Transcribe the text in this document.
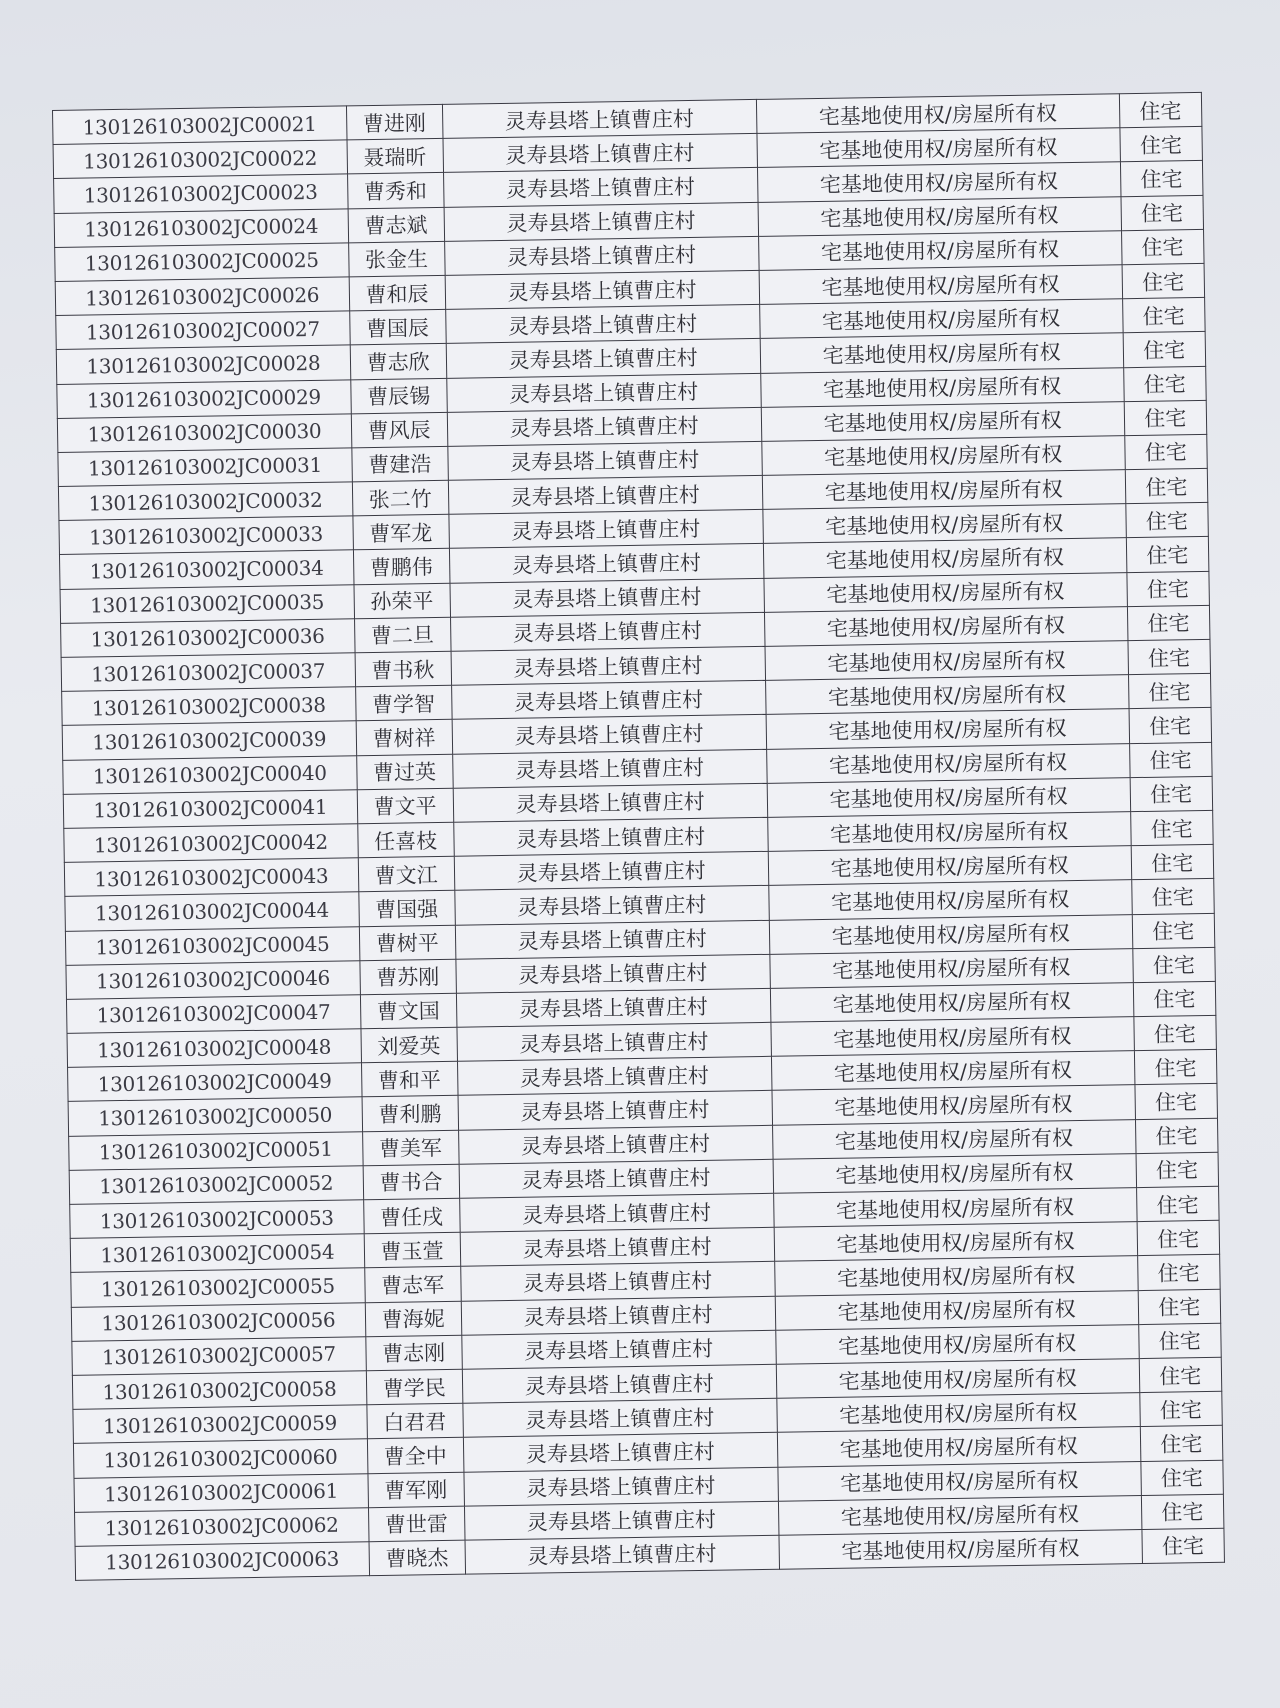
130126103002JC00021	曹进刚	灵寿县塔上镇曹庄村	宅基地使用权/房屋所有权	住宅
130126103002JC00022	聂瑞昕	灵寿县塔上镇曹庄村	宅基地使用权/房屋所有权	住宅
130126103002JC00023	曹秀和	灵寿县塔上镇曹庄村	宅基地使用权/房屋所有权	住宅
130126103002JC00024	曹志斌	灵寿县塔上镇曹庄村	宅基地使用权/房屋所有权	住宅
130126103002JC00025	张金生	灵寿县塔上镇曹庄村	宅基地使用权/房屋所有权	住宅
130126103002JC00026	曹和辰	灵寿县塔上镇曹庄村	宅基地使用权/房屋所有权	住宅
130126103002JC00027	曹国辰	灵寿县塔上镇曹庄村	宅基地使用权/房屋所有权	住宅
130126103002JC00028	曹志欣	灵寿县塔上镇曹庄村	宅基地使用权/房屋所有权	住宅
130126103002JC00029	曹辰锡	灵寿县塔上镇曹庄村	宅基地使用权/房屋所有权	住宅
130126103002JC00030	曹风辰	灵寿县塔上镇曹庄村	宅基地使用权/房屋所有权	住宅
130126103002JC00031	曹建浩	灵寿县塔上镇曹庄村	宅基地使用权/房屋所有权	住宅
130126103002JC00032	张二竹	灵寿县塔上镇曹庄村	宅基地使用权/房屋所有权	住宅
130126103002JC00033	曹军龙	灵寿县塔上镇曹庄村	宅基地使用权/房屋所有权	住宅
130126103002JC00034	曹鹏伟	灵寿县塔上镇曹庄村	宅基地使用权/房屋所有权	住宅
130126103002JC00035	孙荣平	灵寿县塔上镇曹庄村	宅基地使用权/房屋所有权	住宅
130126103002JC00036	曹二旦	灵寿县塔上镇曹庄村	宅基地使用权/房屋所有权	住宅
130126103002JC00037	曹书秋	灵寿县塔上镇曹庄村	宅基地使用权/房屋所有权	住宅
130126103002JC00038	曹学智	灵寿县塔上镇曹庄村	宅基地使用权/房屋所有权	住宅
130126103002JC00039	曹树祥	灵寿县塔上镇曹庄村	宅基地使用权/房屋所有权	住宅
130126103002JC00040	曹过英	灵寿县塔上镇曹庄村	宅基地使用权/房屋所有权	住宅
130126103002JC00041	曹文平	灵寿县塔上镇曹庄村	宅基地使用权/房屋所有权	住宅
130126103002JC00042	任喜枝	灵寿县塔上镇曹庄村	宅基地使用权/房屋所有权	住宅
130126103002JC00043	曹文江	灵寿县塔上镇曹庄村	宅基地使用权/房屋所有权	住宅
130126103002JC00044	曹国强	灵寿县塔上镇曹庄村	宅基地使用权/房屋所有权	住宅
130126103002JC00045	曹树平	灵寿县塔上镇曹庄村	宅基地使用权/房屋所有权	住宅
130126103002JC00046	曹苏刚	灵寿县塔上镇曹庄村	宅基地使用权/房屋所有权	住宅
130126103002JC00047	曹文国	灵寿县塔上镇曹庄村	宅基地使用权/房屋所有权	住宅
130126103002JC00048	刘爱英	灵寿县塔上镇曹庄村	宅基地使用权/房屋所有权	住宅
130126103002JC00049	曹和平	灵寿县塔上镇曹庄村	宅基地使用权/房屋所有权	住宅
130126103002JC00050	曹利鹏	灵寿县塔上镇曹庄村	宅基地使用权/房屋所有权	住宅
130126103002JC00051	曹美军	灵寿县塔上镇曹庄村	宅基地使用权/房屋所有权	住宅
130126103002JC00052	曹书合	灵寿县塔上镇曹庄村	宅基地使用权/房屋所有权	住宅
130126103002JC00053	曹任戌	灵寿县塔上镇曹庄村	宅基地使用权/房屋所有权	住宅
130126103002JC00054	曹玉萱	灵寿县塔上镇曹庄村	宅基地使用权/房屋所有权	住宅
130126103002JC00055	曹志军	灵寿县塔上镇曹庄村	宅基地使用权/房屋所有权	住宅
130126103002JC00056	曹海妮	灵寿县塔上镇曹庄村	宅基地使用权/房屋所有权	住宅
130126103002JC00057	曹志刚	灵寿县塔上镇曹庄村	宅基地使用权/房屋所有权	住宅
130126103002JC00058	曹学民	灵寿县塔上镇曹庄村	宅基地使用权/房屋所有权	住宅
130126103002JC00059	白君君	灵寿县塔上镇曹庄村	宅基地使用权/房屋所有权	住宅
130126103002JC00060	曹全中	灵寿县塔上镇曹庄村	宅基地使用权/房屋所有权	住宅
130126103002JC00061	曹军刚	灵寿县塔上镇曹庄村	宅基地使用权/房屋所有权	住宅
130126103002JC00062	曹世雷	灵寿县塔上镇曹庄村	宅基地使用权/房屋所有权	住宅
130126103002JC00063	曹晓杰	灵寿县塔上镇曹庄村	宅基地使用权/房屋所有权	住宅
